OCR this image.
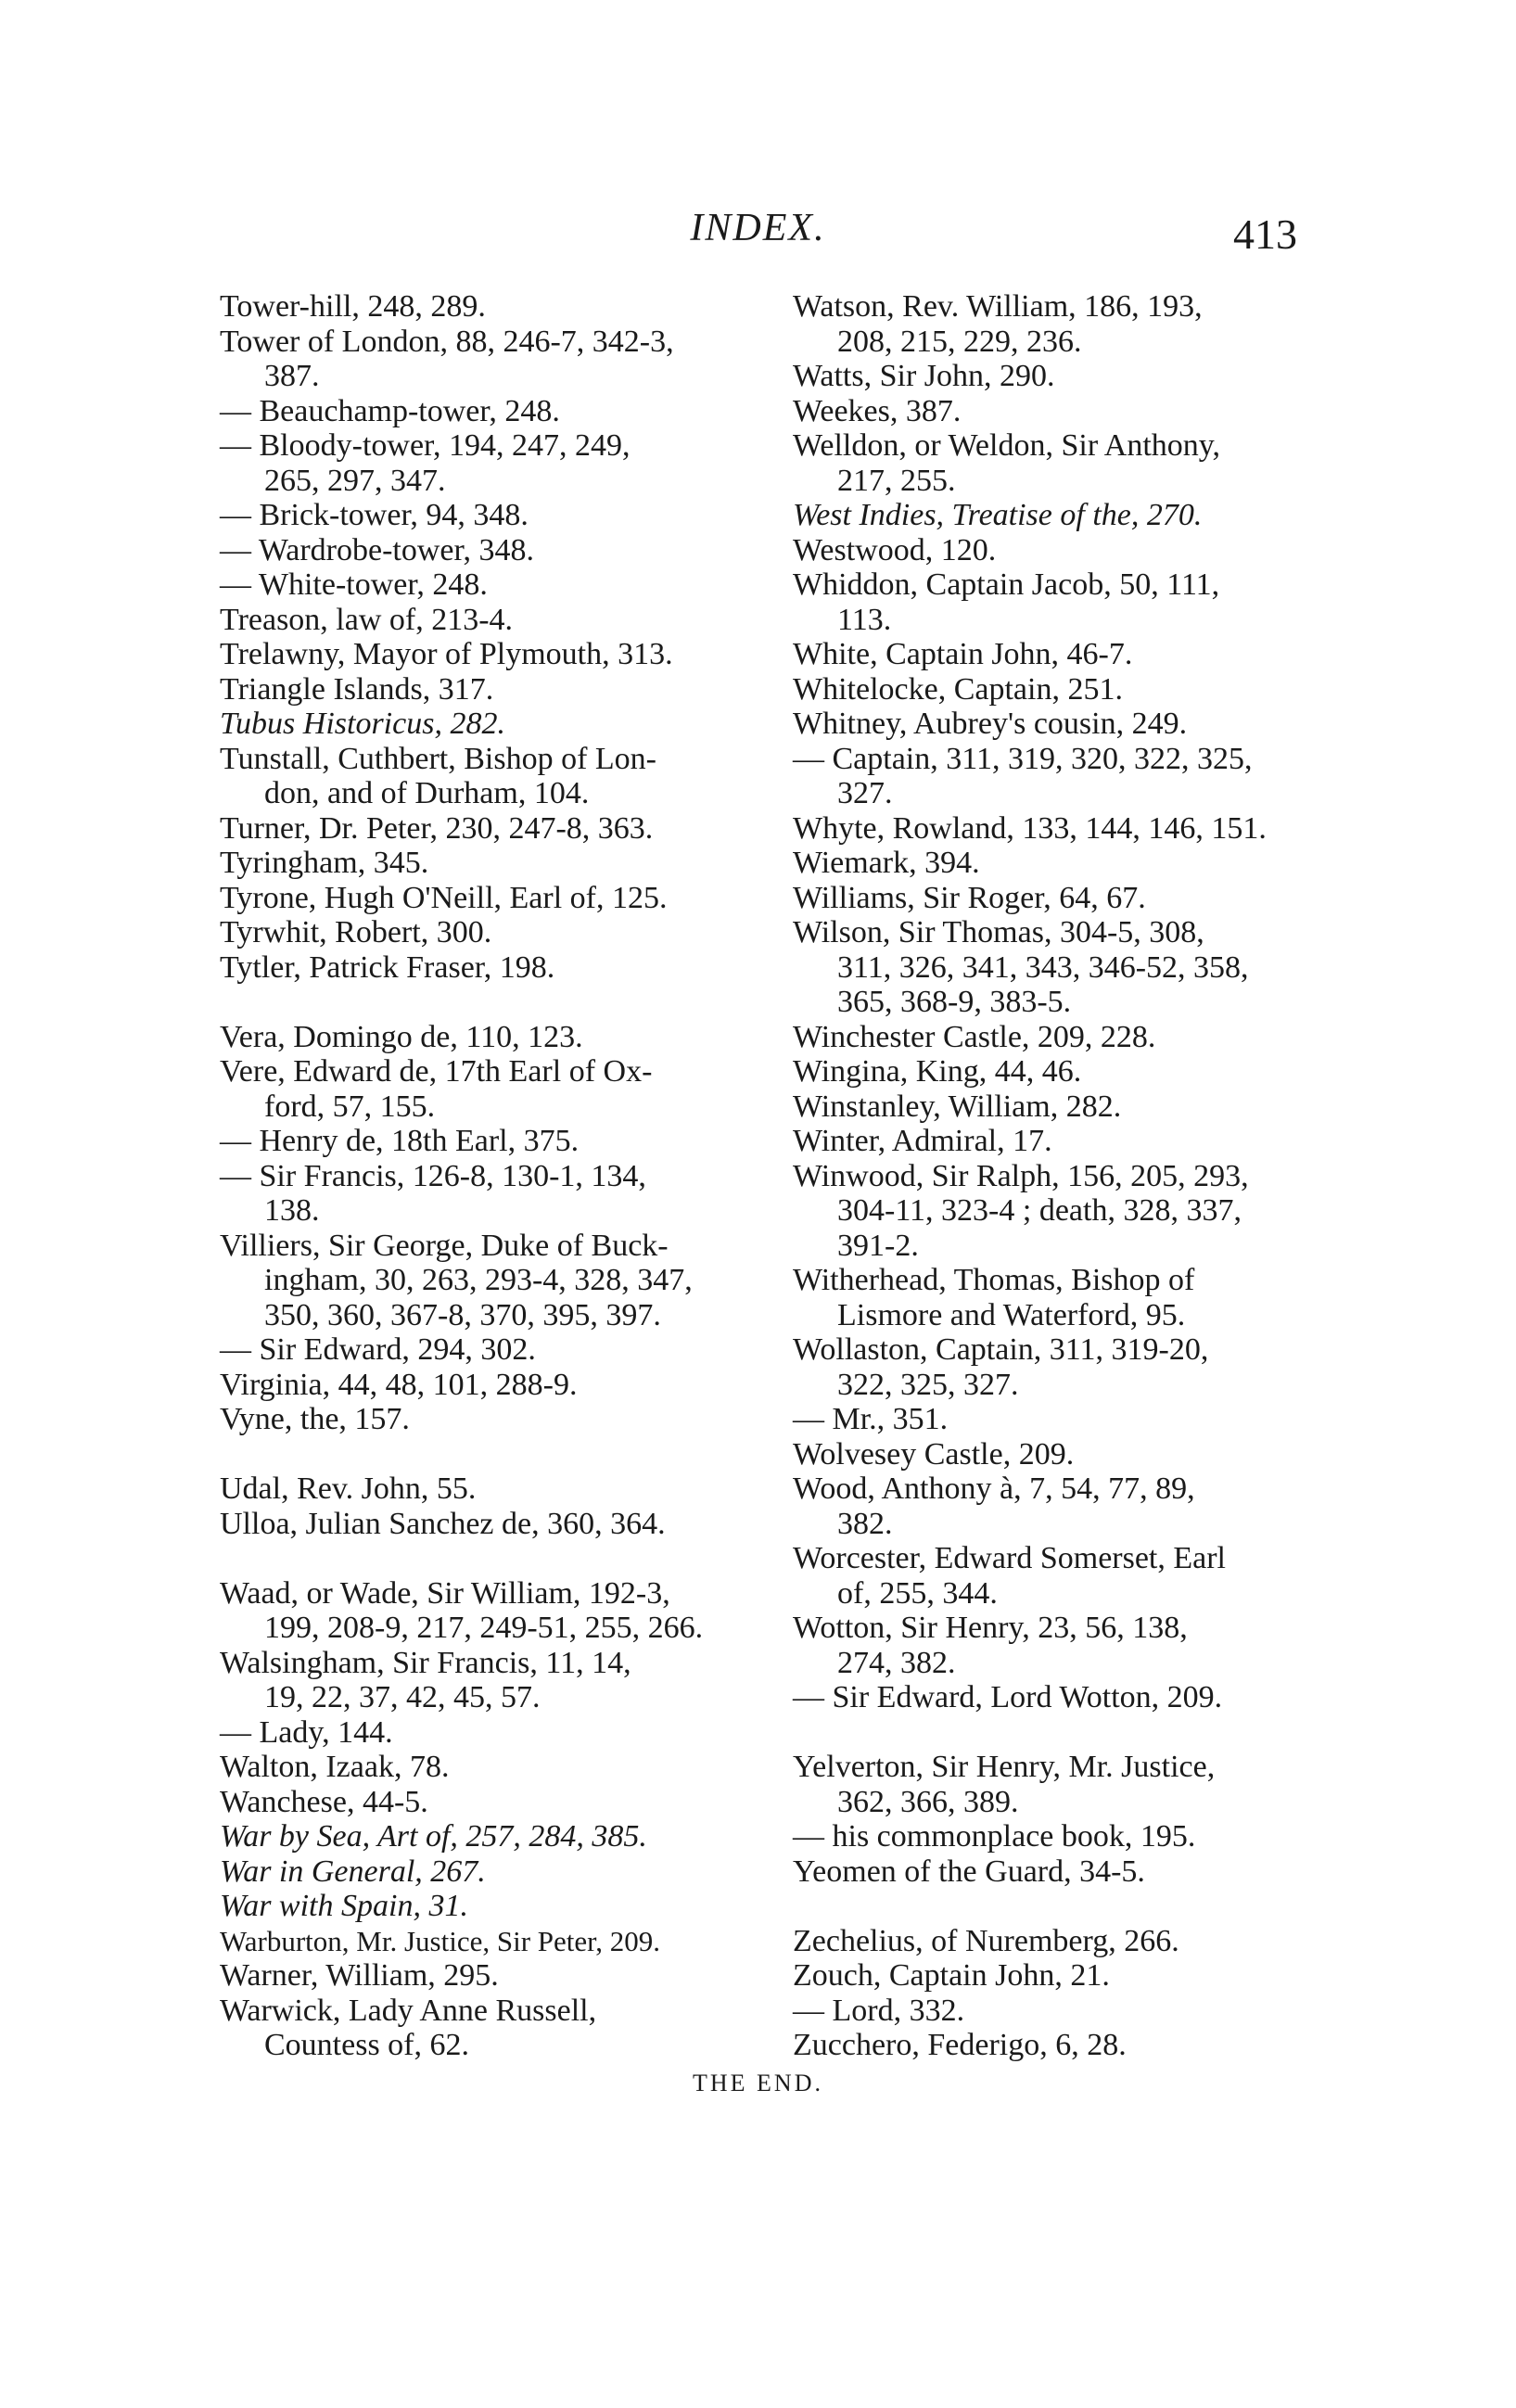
INDEX.	413
Tower-hill, 248, 289.
Tower of London, 88, 246-7, 342-3,
387.
— Beauchamp-tower, 248.
— Bloody-tower, 194, 247, 249,
265, 297, 347.
— Brick-tower, 94, 348.
— Wardrobe-tower, 348.
— White-tower, 248.
Treason, law of, 213-4.
Trelawny, Mayor of Plymouth, 313.
Triangle Islands, 317.
Tubus Historicus, 282.
Tunstall, Cuthbert, Bishop of Lon-
don, and of Durham, 104.
Turner, Dr. Peter, 230, 247-8, 363.
Tyringham, 345.
Tyrone, Hugh O'Neill, Earl of, 125.
Tyrwhit, Robert, 300.
Tytler, Patrick Fraser, 198.
Vera, Domingo de, 110, 123.
Vere, Edward de, 17th Earl of Ox-
ford, 57, 155.
— Henry de, 18th Earl, 375.
— Sir Francis, 126-8, 130-1, 134,
138.
Villiers, Sir George, Duke of Buck-
ingham, 30, 263, 293-4, 328, 347,
350, 360, 367-8, 370, 395, 397.
— Sir Edward, 294, 302.
Virginia, 44, 48, 101, 288-9.
Vyne, the, 157.
Udal, Rev. John, 55.
Ulloa, Julian Sanchez de, 360, 364.
Waad, or Wade, Sir William, 192-3,
199, 208-9, 217, 249-51, 255, 266.
Walsingham, Sir Francis, 11, 14,
19, 22, 37, 42, 45, 57.
— Lady, 144.
Walton, Izaak, 78.
Wanchese, 44-5.
War by Sea, Art of, 257, 284, 385.
War in General, 267.
War with Spain, 31.
Warburton, Mr. Justice, Sir Peter, 209.
Warner, William, 295.
Warwick, Lady Anne Russell,
Countess of, 62.
Watson, Rev. William, 186, 193,
208, 215, 229, 236.
Watts, Sir John, 290.
Weekes, 387.
Welldon, or Weldon, Sir Anthony,
217, 255.
West Indies, Treatise of the, 270.
Westwood, 120.
Whiddon, Captain Jacob, 50, 111,
113.
White, Captain John, 46-7.
Whitelocke, Captain, 251.
Whitney, Aubrey's cousin, 249.
— Captain, 311, 319, 320, 322, 325,
327.
Whyte, Rowland, 133, 144, 146, 151.
Wiemark, 394.
Williams, Sir Roger, 64, 67.
Wilson, Sir Thomas, 304-5, 308,
311, 326, 341, 343, 346-52, 358,
365, 368-9, 383-5.
Winchester Castle, 209, 228.
Wingina, King, 44, 46.
Winstanley, William, 282.
Winter, Admiral, 17.
Winwood, Sir Ralph, 156, 205, 293,
304-11, 323-4 ; death, 328, 337,
391-2.
Witherhead, Thomas, Bishop of
Lismore and Waterford, 95.
Wollaston, Captain, 311, 319-20,
322, 325, 327.
— Mr., 351.
Wolvesey Castle, 209.
Wood, Anthony à, 7, 54, 77, 89,
382.
Worcester, Edward Somerset, Earl
of, 255, 344.
Wotton, Sir Henry, 23, 56, 138,
274, 382.
— Sir Edward, Lord Wotton, 209.
Yelverton, Sir Henry, Mr. Justice,
362, 366, 389.
— his commonplace book, 195.
Yeomen of the Guard, 34-5.
Zechelius, of Nuremberg, 266.
Zouch, Captain John, 21.
— Lord, 332.
Zucchero, Federigo, 6, 28.
THE END.
